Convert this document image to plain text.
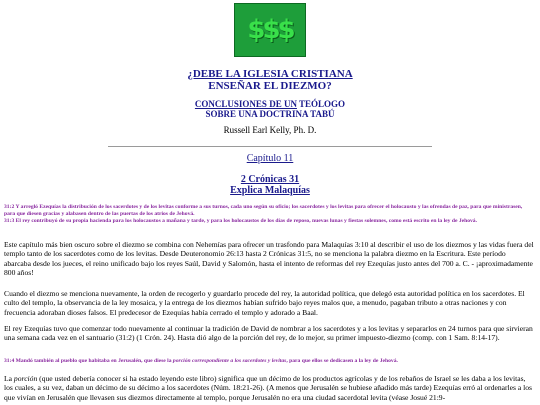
$$$
¿DEBE LA IGLESIA CRISTIANA
ENSEÑAR EL DIEZMO?
CONCLUSIONES DE UN TEÓLOGO
SOBRE UNA DOCTRINA TABÚ
Russell Earl Kelly, Ph. D.
Capítulo 11
2 Crónicas 31
Explica Malaquías
31:2 Y arregló Ezequías la distribución de los sacerdotes y de los levitas conforme a sus turnos, cada uno según su oficio; los sacerdotes y los levitas para ofrecer el holocausto y las ofrendas de paz, para que ministrasen, para que diesen gracias y alabasen dentro de las puertas de los atrios de Jehová.
31:3 El rey contribuyó de su propia hacienda para los holocaustos a mañana y tarde, y para los holocaustos de los días de reposo, nuevas lunas y fiestas solemnes, como está escrito en la ley de Jehová.
Este capítulo más bien oscuro sobre el diezmo se combina con Nehemías para ofrecer un trasfondo para Malaquías 3:10 al describir el uso de los diezmos y las vidas fuera del templo tanto de los sacerdotes como de los levitas. Desde Deuteronomio 26:13 hasta 2 Crónicas 31:5, no se menciona la palabra diezmo en la Escritura. Este período abarcaba desde los jueces, el reino unificado bajo los reyes Saúl, David y Salomón, hasta el intento de reformas del rey Ezequías justo antes del 700 a. C. - ¡aproximadamente 800 años!
Cuando el diezmo se menciona nuevamente, la orden de recogerlo y guardarlo procede del rey, la autoridad política, que delegó esta autoridad política en los sacerdotes. El culto del templo, la observancia de la ley mosaica, y la entrega de los diezmos habían sufrido bajo reyes malos que, a menudo, pagaban tributo a otras naciones y con frecuencia adoraban dioses falsos. El predecesor de Ezequías había cerrado el templo y adorado a Baal.
El rey Ezequías tuvo que comenzar todo nuevamente al continuar la tradición de David de nombrar a los sacerdotes y a los levitas y separarlos en 24 turnos para que sirvieran una semana cada vez en el santuario (31:2) (1 Crón. 24). Hasta dió algo de la porción del rey, de lo mejor, su primer impuesto-diezmo (comp. con 1 Sam. 8:14-17).
31:4 Mandó también al pueblo que habitaba en Jerusalén, que diese la porción correspondiente a los sacerdotes y levitas, para que ellos se dedicasen a la ley de Jehová.
La porción (que usted debería conocer si ha estado leyendo este libro) significa que un décimo de los productos agrícolas y de los rebaños de Israel se les daba a los levitas, los cuales, a su vez, daban un décimo de su décimo a los sacerdotes (Núm. 18:21-26). (A menos que Jerusalén se hubiese añadido más tarde) Ezequías erró al ordenarles a los que vivían en Jerusalén que llevasen sus diezmos directamente al templo, porque Jerusalén no era una ciudad sacerdotal levita (véase Josué 21:9-
